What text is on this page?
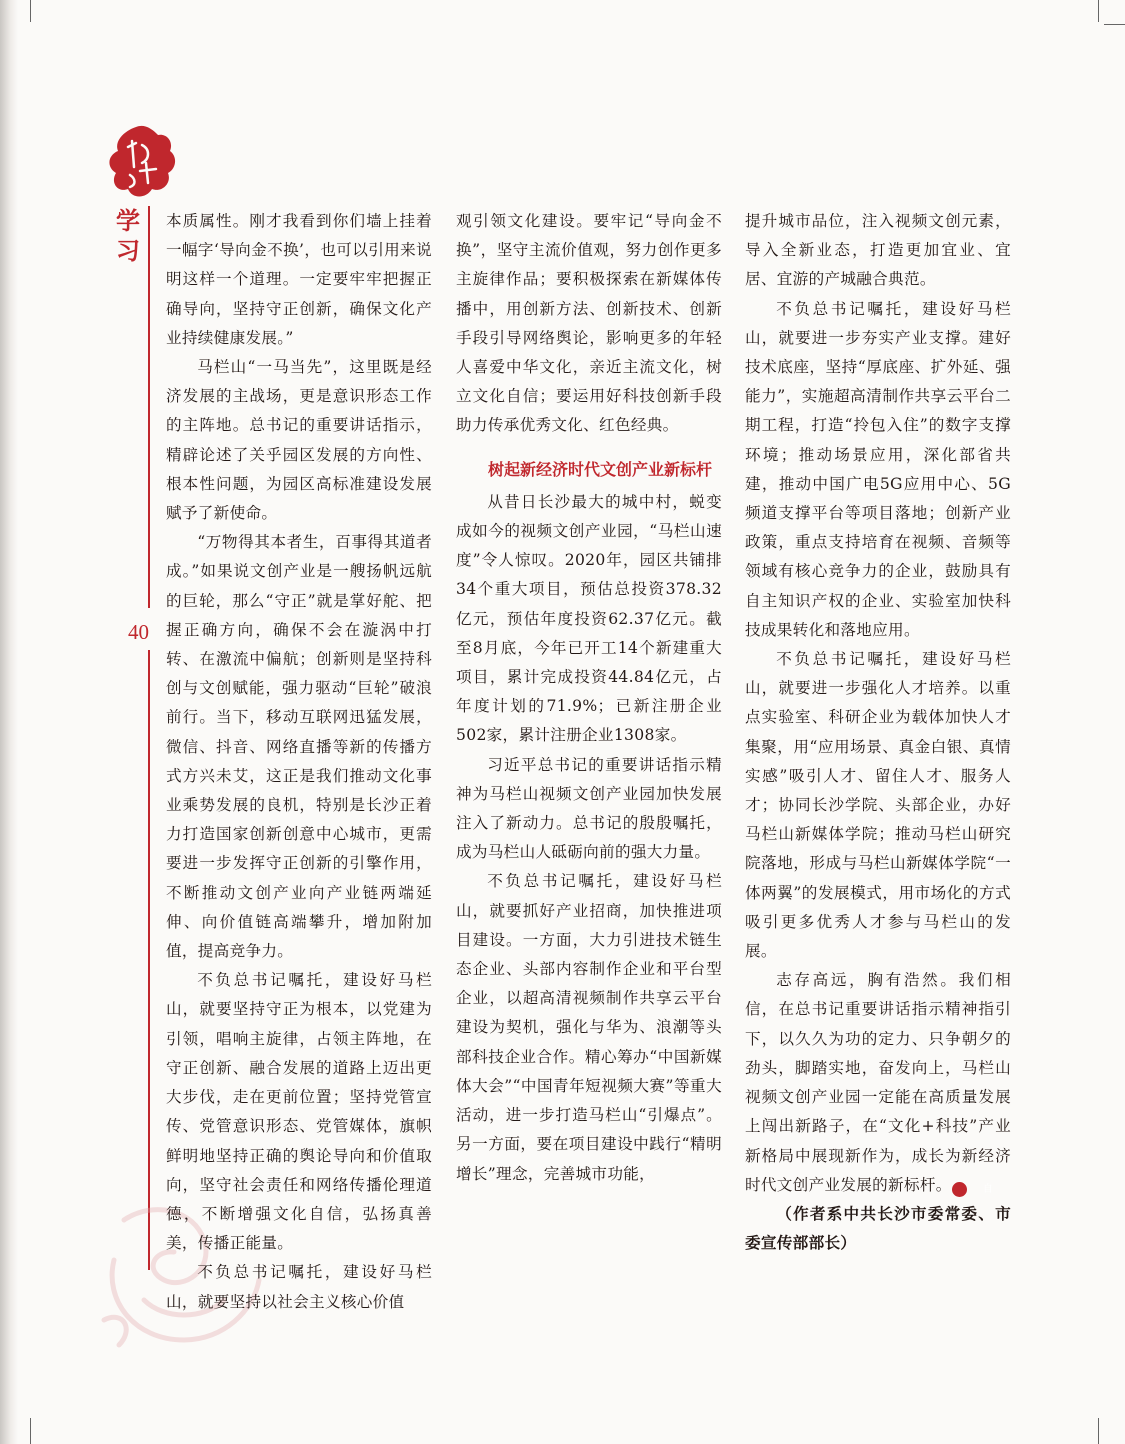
学习
40

本质属性。刚才我看到你们墙上挂着一幅字‘导向金不换’，也可以引用来说明这样一个道理。一定要牢牢把握正确导向，坚持守正创新，确保文化产业持续健康发展。”

马栏山“一马当先”，这里既是经济发展的主战场，更是意识形态工作的主阵地。总书记的重要讲话指示，精辟论述了关乎园区发展的方向性、根本性问题，为园区高标准建设发展赋予了新使命。

“万物得其本者生，百事得其道者成。”如果说文创产业是一艘扬帆远航的巨轮，那么“守正”就是掌好舵、把握正确方向，确保不会在漩涡中打转、在激流中偏航；创新则是坚持科创与文创赋能，强力驱动“巨轮”破浪前行。当下，移动互联网迅猛发展，微信、抖音、网络直播等新的传播方式方兴未艾，这正是我们推动文化事业乘势发展的良机，特别是长沙正着力打造国家创新创意中心城市，更需要进一步发挥守正创新的引擎作用，不断推动文创产业向产业链两端延伸、向价值链高端攀升，增加附加值，提高竞争力。

不负总书记嘱托，建设好马栏山，就要坚持守正为根本，以党建为引领，唱响主旋律，占领主阵地，在守正创新、融合发展的道路上迈出更大步伐，走在更前位置；坚持党管宣传、党管意识形态、党管媒体，旗帜鲜明地坚持正确的舆论导向和价值取向，坚守社会责任和网络传播伦理道德，不断增强文化自信，弘扬真善美，传播正能量。

不负总书记嘱托，建设好马栏山，就要坚持以社会主义核心价值

观引领文化建设。要牢记“导向金不换”，坚守主流价值观，努力创作更多主旋律作品；要积极探索在新媒体传播中，用创新方法、创新技术、创新手段引导网络舆论，影响更多的年轻人喜爱中华文化，亲近主流文化，树立文化自信；要运用好科技创新手段助力传承优秀文化、红色经典。

树起新经济时代文创产业新标杆

从昔日长沙最大的城中村，蜕变成如今的视频文创产业园，“马栏山速度”令人惊叹。2020年，园区共铺排34个重大项目，预估总投资378.32亿元，预估年度投资62.37亿元。截至8月底，今年已开工14个新建重大项目，累计完成投资44.84亿元，占年度计划的71.9%；已新注册企业502家，累计注册企业1308家。

习近平总书记的重要讲话指示精神为马栏山视频文创产业园加快发展注入了新动力。总书记的殷殷嘱托，成为马栏山人砥砺向前的强大力量。

不负总书记嘱托，建设好马栏山，就要抓好产业招商，加快推进项目建设。一方面，大力引进技术链生态企业、头部内容制作企业和平台型企业，以超高清视频制作共享云平台建设为契机，强化与华为、浪潮等头部科技企业合作。精心筹办“中国新媒体大会”“中国青年短视频大赛”等重大活动，进一步打造马栏山“引爆点”。另一方面，要在项目建设中践行“精明增长”理念，完善城市功能，

提升城市品位，注入视频文创元素，导入全新业态，打造更加宜业、宜居、宜游的产城融合典范。

不负总书记嘱托，建设好马栏山，就要进一步夯实产业支撑。建好技术底座，坚持“厚底座、扩外延、强能力”，实施超高清制作共享云平台二期工程，打造“拎包入住”的数字支撑环境；推动场景应用，深化部省共建，推动中国广电5G应用中心、5G频道支撑平台等项目落地；创新产业政策，重点支持培育在视频、音频等领域有核心竞争力的企业，鼓励具有自主知识产权的企业、实验室加快科技成果转化和落地应用。

不负总书记嘱托，建设好马栏山，就要进一步强化人才培养。以重点实验室、科研企业为载体加快人才集聚，用“应用场景、真金白银、真情实感”吸引人才、留住人才、服务人才；协同长沙学院、头部企业，办好马栏山新媒体学院；推动马栏山研究院落地，形成与马栏山新媒体学院“一体两翼”的发展模式，用市场化的方式吸引更多优秀人才参与马栏山的发展。

志存高远，胸有浩然。我们相信，在总书记重要讲话指示精神指引下，以久久为功的定力、只争朝夕的劲头，脚踏实地，奋发向上，马栏山视频文创产业园一定能在高质量发展上闯出新路子，在“文化+科技”产业新格局中展现新作为，成长为新经济时代文创产业发展的新标杆。	自

（作者系中共长沙市委常委、市委宣传部部长）
